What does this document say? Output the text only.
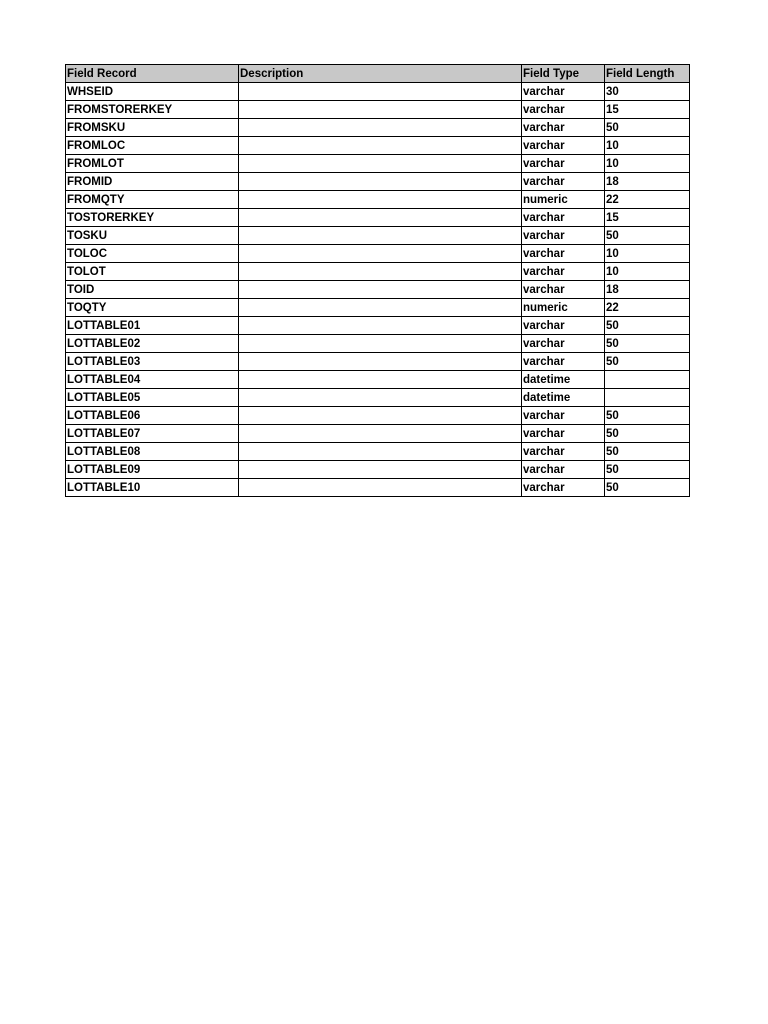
Field Record	Description	Field Type	Field Length
WHSEID		varchar	30
FROMSTORERKEY		varchar	15
FROMSKU		varchar	50
FROMLOC		varchar	10
FROMLOT		varchar	10
FROMID		varchar	18
FROMQTY		numeric	22
TOSTORERKEY		varchar	15
TOSKU		varchar	50
TOLOC		varchar	10
TOLOT		varchar	10
TOID		varchar	18
TOQTY		numeric	22
LOTTABLE01		varchar	50
LOTTABLE02		varchar	50
LOTTABLE03		varchar	50
LOTTABLE04		datetime	
LOTTABLE05		datetime	
LOTTABLE06		varchar	50
LOTTABLE07		varchar	50
LOTTABLE08		varchar	50
LOTTABLE09		varchar	50
LOTTABLE10		varchar	50
